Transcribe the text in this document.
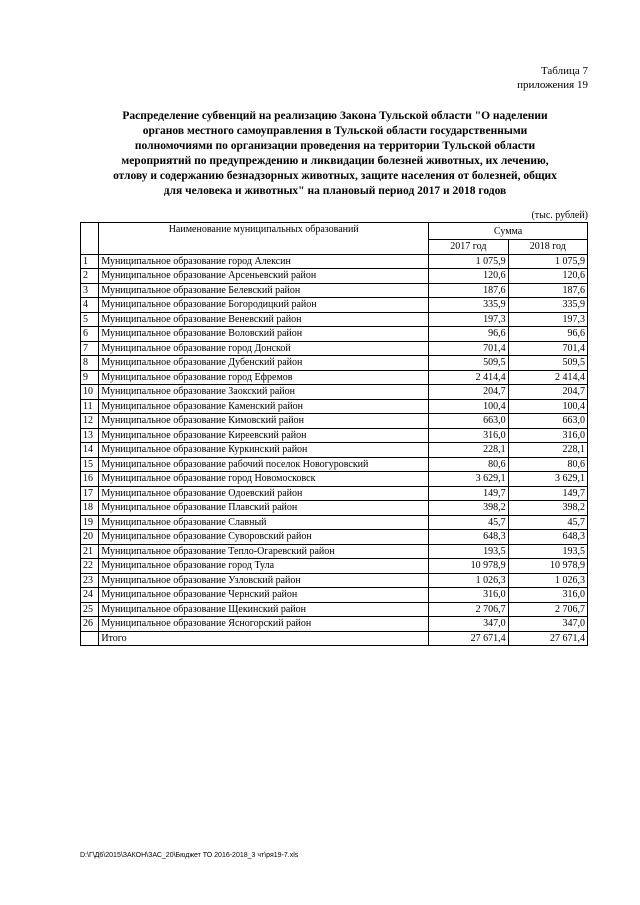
Таблица 7
приложения 19
Распределение субвенций на реализацию Закона Тульской области "О наделении
органов местного самоуправления в Тульской области государственными
полномочиями по организации проведения на территории Тульской области
мероприятий по предупреждению и ликвидации болезней животных, их лечению,
отлову и содержанию безнадзорных животных, защите населения от болезней, общих
для человека и животных" на плановый период 2017 и 2018 годов
(тыс. рублей)
	Наименование муниципальных образований	Сумма	
		2017 год	2018 год
1	Муниципальное образование город Алексин	1 075,9	1 075,9
2	Муниципальное образование Арсеньевский район	120,6	120,6
3	Муниципальное образование Белевский район	187,6	187,6
4	Муниципальное образование Богородицкий район	335,9	335,9
5	Муниципальное образование Веневский район	197,3	197,3
6	Муниципальное образование Воловский район	96,6	96,6
7	Муниципальное образование город Донской	701,4	701,4
8	Муниципальное образование Дубенский район	509,5	509,5
9	Муниципальное образование город Ефремов	2 414,4	2 414,4
10	Муниципальное образование Заокский район	204,7	204,7
11	Муниципальное образование Каменский район	100,4	100,4
12	Муниципальное образование Кимовский район	663,0	663,0
13	Муниципальное образование Киреевский район	316,0	316,0
14	Муниципальное образование Куркинский район	228,1	228,1
15	Муниципальное образование рабочий поселок Новогуровский	80,6	80,6
16	Муниципальное образование город Новомосковск	3 629,1	3 629,1
17	Муниципальное образование Одоевский район	149,7	149,7
18	Муниципальное образование Плавский район	398,2	398,2
19	Муниципальное образование Славный	45,7	45,7
20	Муниципальное образование Суворовский район	648,3	648,3
21	Муниципальное образование Тепло-Огаревский район	193,5	193,5
22	Муниципальное образование город Тула	10 978,9	10 978,9
23	Муниципальное образование Узловский район	1 026,3	1 026,3
24	Муниципальное образование Чернский район	316,0	316,0
25	Муниципальное образование Щекинский район	2 706,7	2 706,7
26	Муниципальное образование Ясногорский район	347,0	347,0
	Итого	27 671,4	27 671,4
D:\Г\Д6\2015\ЗАКОН\ЗАС_20\Бюджет ТО 2016-2018_3 чт\ря19-7.xls
